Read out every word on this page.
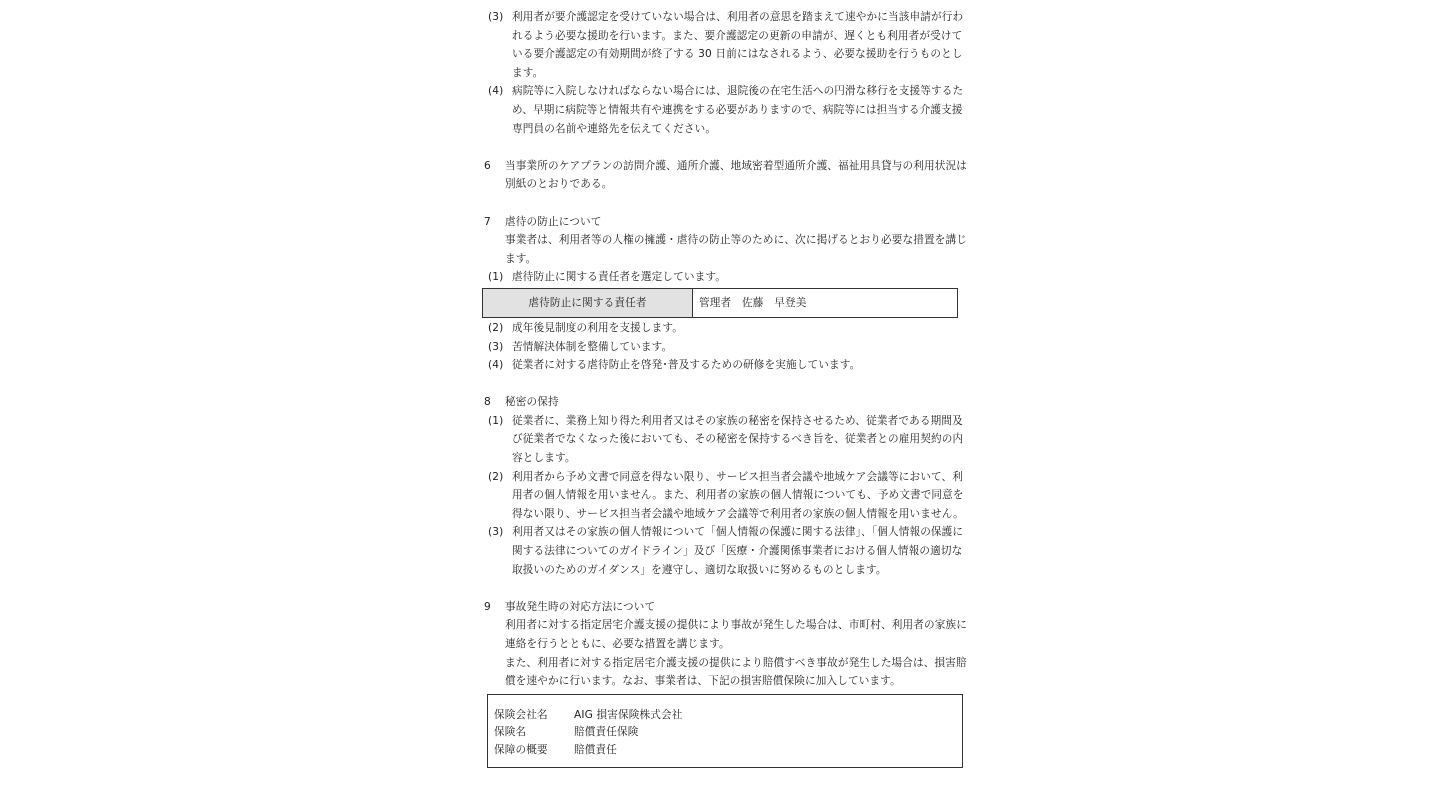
(3) 利用者が要介護認定を受けていない場合は、利用者の意思を踏まえて速やかに当該申請が行われるよう必要な援助を行います。また、要介護認定の更新の申請が、遅くとも利用者が受けている要介護認定の有効期間が終了する 30 日前にはなされるよう、必要な援助を行うものとします。
(4) 病院等に入院しなければならない場合には、退院後の在宅生活への円滑な移行を支援等するため、早期に病院等と情報共有や連携をする必要がありますので、病院等には担当する介護支援専門員の名前や連絡先を伝えてください。
6 当事業所のケアプランの訪問介護、通所介護、地域密着型通所介護、福祉用具貸与の利用状況は別紙のとおりである。
7 虐待の防止について
事業者は、利用者等の人権の擁護・虐待の防止等のために、次に掲げるとおり必要な措置を講じます。
(1) 虐待防止に関する責任者を選定しています。
虐待防止に関する責任者	管理者　佐藤　早登美
(2) 成年後見制度の利用を支援します。
(3) 苦情解決体制を整備しています。
(4) 従業者に対する虐待防止を啓発･普及するための研修を実施しています。
8 秘密の保持
(1) 従業者に、業務上知り得た利用者又はその家族の秘密を保持させるため、従業者である期間及び従業者でなくなった後においても、その秘密を保持するべき旨を、従業者との雇用契約の内容とします。
(2) 利用者から予め文書で同意を得ない限り、サービス担当者会議や地域ケア会議等において、利用者の個人情報を用いません。また、利用者の家族の個人情報についても、予め文書で同意を得ない限り、サービス担当者会議や地域ケア会議等で利用者の家族の個人情報を用いません。
(3) 利用者又はその家族の個人情報について「個人情報の保護に関する法律」、「個人情報の保護に関する法律についてのガイドライン」及び「医療・介護関係事業者における個人情報の適切な取扱いのためのガイダンス」を遵守し、適切な取扱いに努めるものとします。
9 事故発生時の対応方法について
利用者に対する指定居宅介護支援の提供により事故が発生した場合は、市町村、利用者の家族に連絡を行うとともに、必要な措置を講じます。
また、利用者に対する指定居宅介護支援の提供により賠償すべき事故が発生した場合は、損害賠償を速やかに行います。なお、事業者は、下記の損害賠償保険に加入しています。
保険会社名	AIG 損害保険株式会社
保険名	賠償責任保険
保障の概要	賠償責任
